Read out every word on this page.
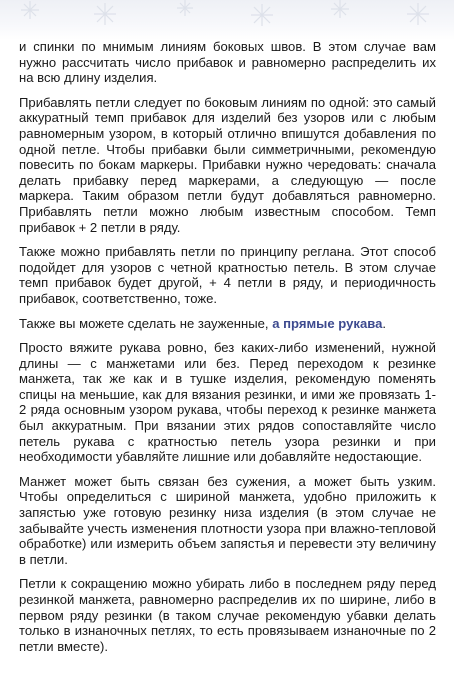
и спинки по мнимым линиям боковых швов. В этом случае вам нужно рассчитать число прибавок и равномерно распределить их на всю длину изделия.

Прибавлять петли следует по боковым линиям по одной: это самый аккуратный темп прибавок для изделий без узоров или с любым равномерным узором, в который отлично впишутся добавления по одной петле. Чтобы прибавки были симметричными, рекомендую повесить по бокам маркеры. Прибавки нужно чередовать: сначала делать прибавку перед маркерами, а следующую — после маркера. Таким образом петли будут добавляться равномерно. Прибавлять петли можно любым известным способом. Темп прибавок + 2 петли в ряду.

Также можно прибавлять петли по принципу реглана. Этот способ подойдет для узоров с четной кратностью петель. В этом случае темп прибавок будет другой, + 4 петли в ряду, и периодичность прибавок, соответственно, тоже.

Также вы можете сделать не зауженные, а прямые рукава.

Просто вяжите рукава ровно, без каких-либо изменений, нужной длины — с манжетами или без. Перед переходом к резинке манжета, так же как и в тушке изделия, рекомендую поменять спицы на меньшие, как для вязания резинки, и ими же провязать 1-2 ряда основным узором рукава, чтобы переход к резинке манжета был аккуратным. При вязании этих рядов сопоставляйте число петель рукава с кратностью петель узора резинки и при необходимости убавляйте лишние или добавляйте недостающие.

Манжет может быть связан без сужения, а может быть узким. Чтобы определиться с шириной манжета, удобно приложить к запястью уже готовую резинку низа изделия (в этом случае не забывайте учесть изменения плотности узора при влажно-тепловой обработке) или измерить объем запястья и перевести эту величину в петли.

Петли к сокращению можно убирать либо в последнем ряду перед резинкой манжета, равномерно распределив их по ширине, либо в первом ряду резинки (в таком случае рекомендую убавки делать только в изнаночных петлях, то есть провязываем изнаночные по 2 петли вместе).
